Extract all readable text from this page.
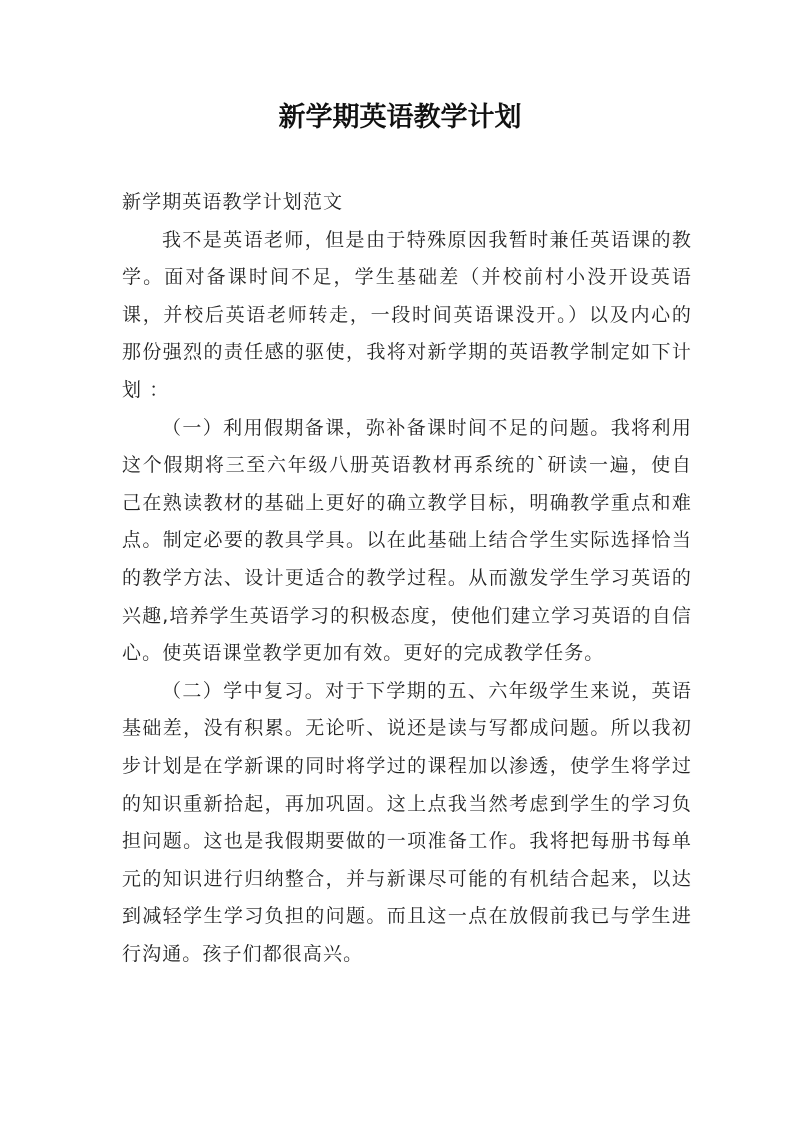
新学期英语教学计划

新学期英语教学计划范文

我不是英语老师，但是由于特殊原因我暂时兼任英语课的教学。面对备课时间不足，学生基础差（并校前村小没开设英语课，并校后英语老师转走，一段时间英语课没开。）以及内心的那份强烈的责任感的驱使，我将对新学期的英语教学制定如下计划 ：

（一）利用假期备课，弥补备课时间不足的问题。我将利用这个假期将三至六年级八册英语教材再系统的`研读一遍，使自己在熟读教材的基础上更好的确立教学目标，明确教学重点和难点。制定必要的教具学具。以在此基础上结合学生实际选择恰当的教学方法、设计更适合的教学过程。从而激发学生学习英语的兴趣,培养学生英语学习的积极态度，使他们建立学习英语的自信心。使英语课堂教学更加有效。更好的完成教学任务。

（二）学中复习。对于下学期的五、六年级学生来说，英语基础差，没有积累。无论听、说还是读与写都成问题。所以我初步计划是在学新课的同时将学过的课程加以渗透，使学生将学过的知识重新拾起，再加巩固。这上点我当然考虑到学生的学习负担问题。这也是我假期要做的一项准备工作。我将把每册书每单元的知识进行归纳整合，并与新课尽可能的有机结合起来，以达到减轻学生学习负担的问题。而且这一点在放假前我已与学生进行沟通。孩子们都很高兴。
